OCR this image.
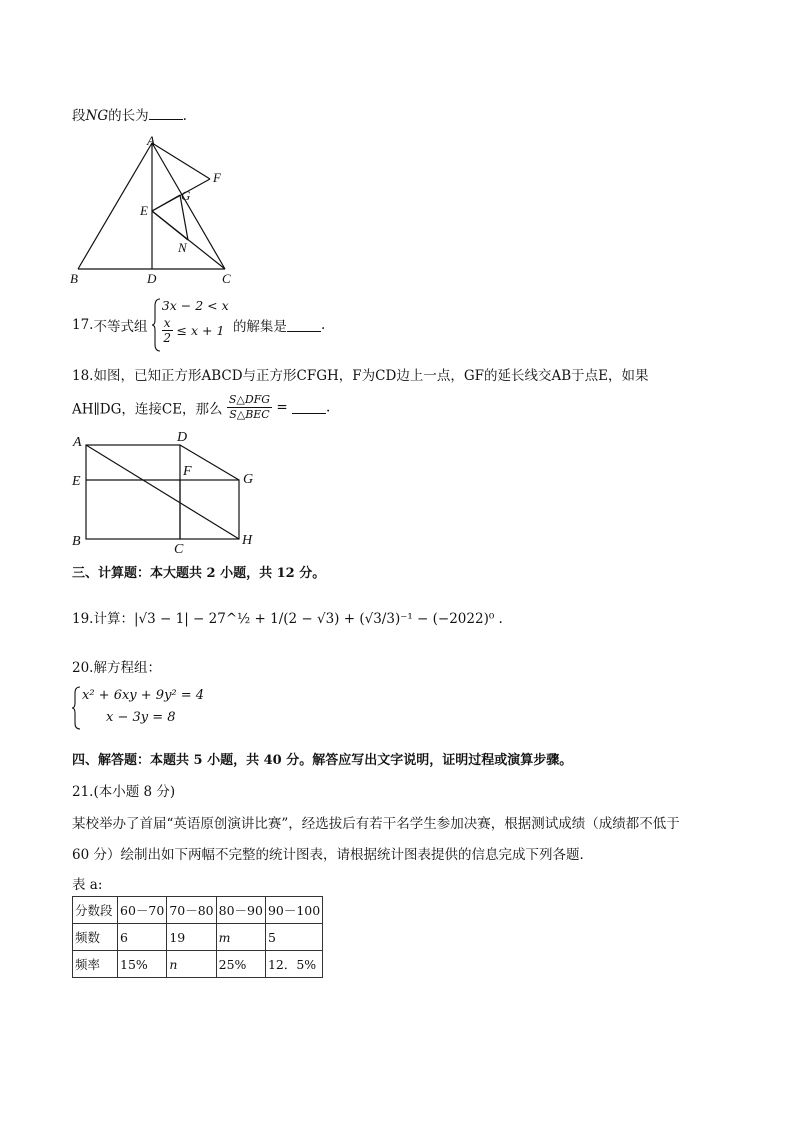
段NG的长为	.
A
B	C
D
E
F
G
N
17.不等式组
3x − 2 < x
$\frac{x}{2} \le x + 1$ 的解集是	.
18.如图，已知正方形ABCD与正方形CFGH，F为CD边上一点，GF的延长线交AB于点E，如果
AH∥DG，连接CE，那么 $\frac{\text{S△DFG}}{\text{S△BEC}}$ =	.
A	D
E
F
G
B
C
H
三、计算题：本大题共 2 小题，共 12 分。
19.计算：|√3 − 1| − 27^½ + 1/(2 − √3) + (√3/3)⁻¹ − (−2022)⁰ .
20.解方程组：
x² + 6xy + 9y² = 4
x − 3y = 8
四、解答题：本题共 5 小题，共 40 分。解答应写出文字说明，证明过程或演算步骤。
21.(本小题 8 分)
某校举办了首届“英语原创演讲比赛”，经选拔后有若干名学生参加决赛，根据测试成绩（成绩都不低于
60 分）绘制出如下两幅不完整的统计图表，请根据统计图表提供的信息完成下列各题．
表 a:
分数段	60－70	70－80	80－90	90－100
频数	6	19	m	5
频率	15%	n	25%	12．5%
